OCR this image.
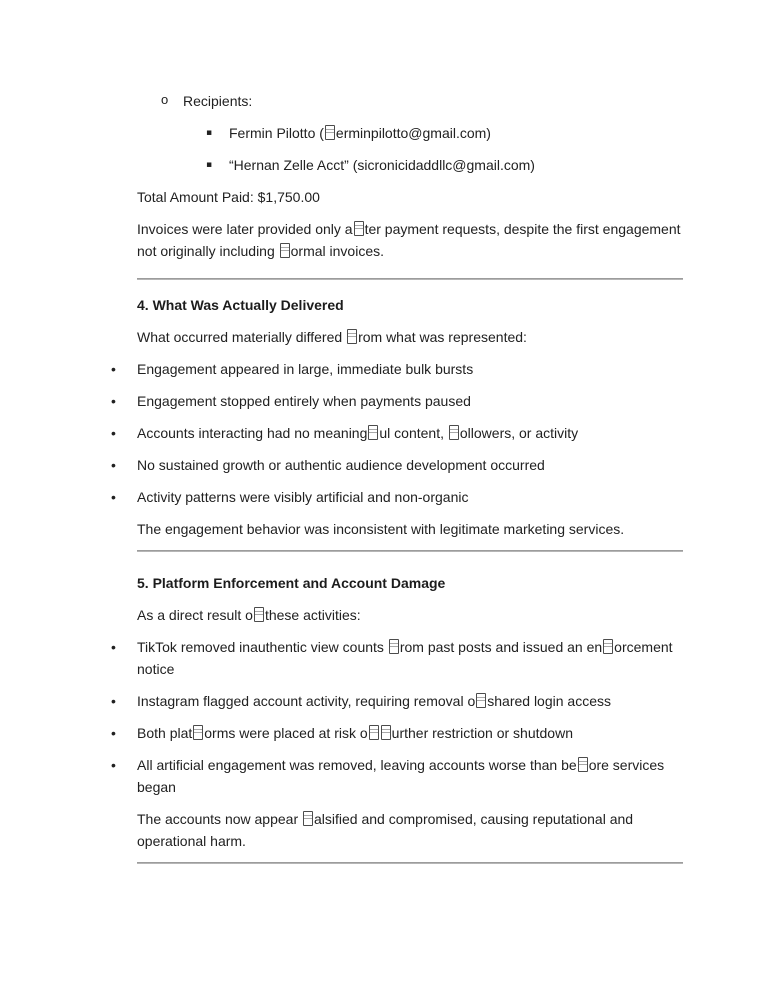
o Recipients:
▪ Fermin Pilotto ( erminpilotto@gmail.com)
▪ “Hernan Zelle Acct” (sicronicidaddllc@gmail.com)

Total Amount Paid: $1,750.00

Invoices were later provided only a ter payment requests, despite the first engagement not originally including ormal invoices.

4. What Was Actually Delivered

What occurred materially differed rom what was represented:

• Engagement appeared in large, immediate bulk bursts
• Engagement stopped entirely when payments paused
• Accounts interacting had no meaning ul content, ollowers, or activity
• No sustained growth or authentic audience development occurred
• Activity patterns were visibly artificial and non-organic

The engagement behavior was inconsistent with legitimate marketing services.

5. Platform Enforcement and Account Damage

As a direct result o these activities:

• TikTok removed inauthentic view counts rom past posts and issued an en orcement notice
• Instagram flagged account activity, requiring removal o shared login access
• Both plat orms were placed at risk o urther restriction or shutdown
• All artificial engagement was removed, leaving accounts worse than be ore services began

The accounts now appear alsified and compromised, causing reputational and operational harm.
